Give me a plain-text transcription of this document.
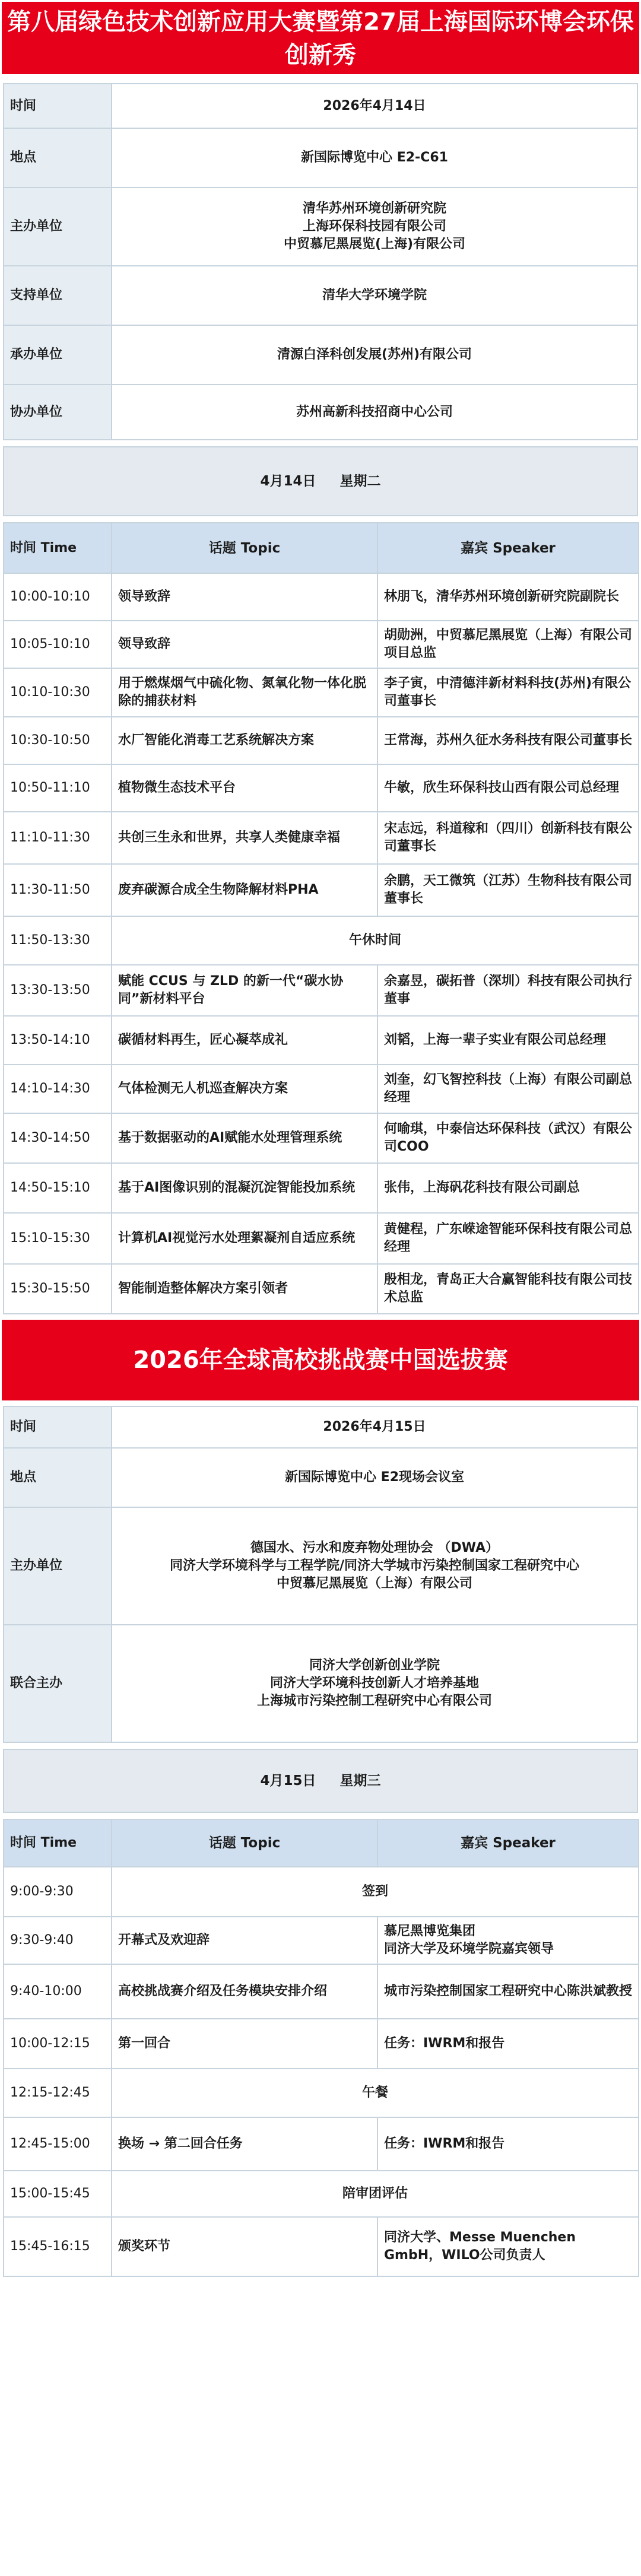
第八届绿色技术创新应用大赛暨第27届上海国际环博会环保创新秀
时间	2026年4月14日
地点	新国际博览中心 E2-C61
主办单位	清华苏州环境创新研究院
上海环保科技园有限公司
中贸慕尼黑展览(上海)有限公司
支持单位	清华大学环境学院
承办单位	清源白泽科创发展(苏州)有限公司
协办单位	苏州高新科技招商中心公司
4月14日 星期二
时间 Time	话题 Topic	嘉宾 Speaker
10:00-10:10	领导致辞	林朋飞，清华苏州环境创新研究院副院长
10:05-10:10	领导致辞	胡勋洲，中贸慕尼黑展览（上海）有限公司项目总监
10:10-10:30	用于燃煤烟气中硫化物、氮氧化物一体化脱除的捕获材料	李子寅，中清德沣新材料科技(苏州)有限公司董事长
10:30-10:50	水厂智能化消毒工艺系统解决方案	王常海，苏州久征水务科技有限公司董事长
10:50-11:10	植物微生态技术平台	牛敏，欣生环保科技山西有限公司总经理
11:10-11:30	共创三生永和世界，共享人类健康幸福	宋志远，科道稼和（四川）创新科技有限公司董事长
11:30-11:50	废弃碳源合成全生物降解材料PHA	余鹏，天工微筑（江苏）生物科技有限公司董事长
11:50-13:30	午休时间	
13:30-13:50	赋能 CCUS 与 ZLD 的新一代“碳水协同”新材料平台	余嘉昱，碳拓普（深圳）科技有限公司执行董事
13:50-14:10	碳循材料再生，匠心凝萃成礼	刘韬，上海一辈子实业有限公司总经理
14:10-14:30	气体检测无人机巡查解决方案	刘奎，幻飞智控科技（上海）有限公司副总经理
14:30-14:50	基于数据驱动的AI赋能水处理管理系统	何喻琪，中泰信达环保科技（武汉）有限公司COO
14:50-15:10	基于AI图像识别的混凝沉淀智能投加系统	张伟，上海矾花科技有限公司副总
15:10-15:30	计算机AI视觉污水处理絮凝剂自适应系统	黄健程，广东嵘途智能环保科技有限公司总经理
15:30-15:50	智能制造整体解决方案引领者	殷相龙，青岛正大合赢智能科技有限公司技术总监
2026年全球高校挑战赛中国选拔赛
时间	2026年4月15日
地点	新国际博览中心 E2现场会议室
主办单位	德国水、污水和废弃物处理协会 （DWA）
同济大学环境科学与工程学院/同济大学城市污染控制国家工程研究中心
中贸慕尼黑展览（上海）有限公司
联合主办	同济大学创新创业学院
同济大学环境科技创新人才培养基地
上海城市污染控制工程研究中心有限公司
4月15日 星期三
时间 Time	话题 Topic	嘉宾 Speaker
9:00-9:30	签到	
9:30-9:40	开幕式及欢迎辞	慕尼黑博览集团
同济大学及环境学院嘉宾领导
9:40-10:00	高校挑战赛介绍及任务模块安排介绍	城市污染控制国家工程研究中心陈洪斌教授
10:00-12:15	第一回合	任务：IWRM和报告
12:15-12:45	午餐	
12:45-15:00	换场 → 第二回合任务	任务：IWRM和报告
15:00-15:45	陪审团评估	
15:45-16:15	颁奖环节	同济大学、Messe Muenchen GmbH，WILO公司负责人
